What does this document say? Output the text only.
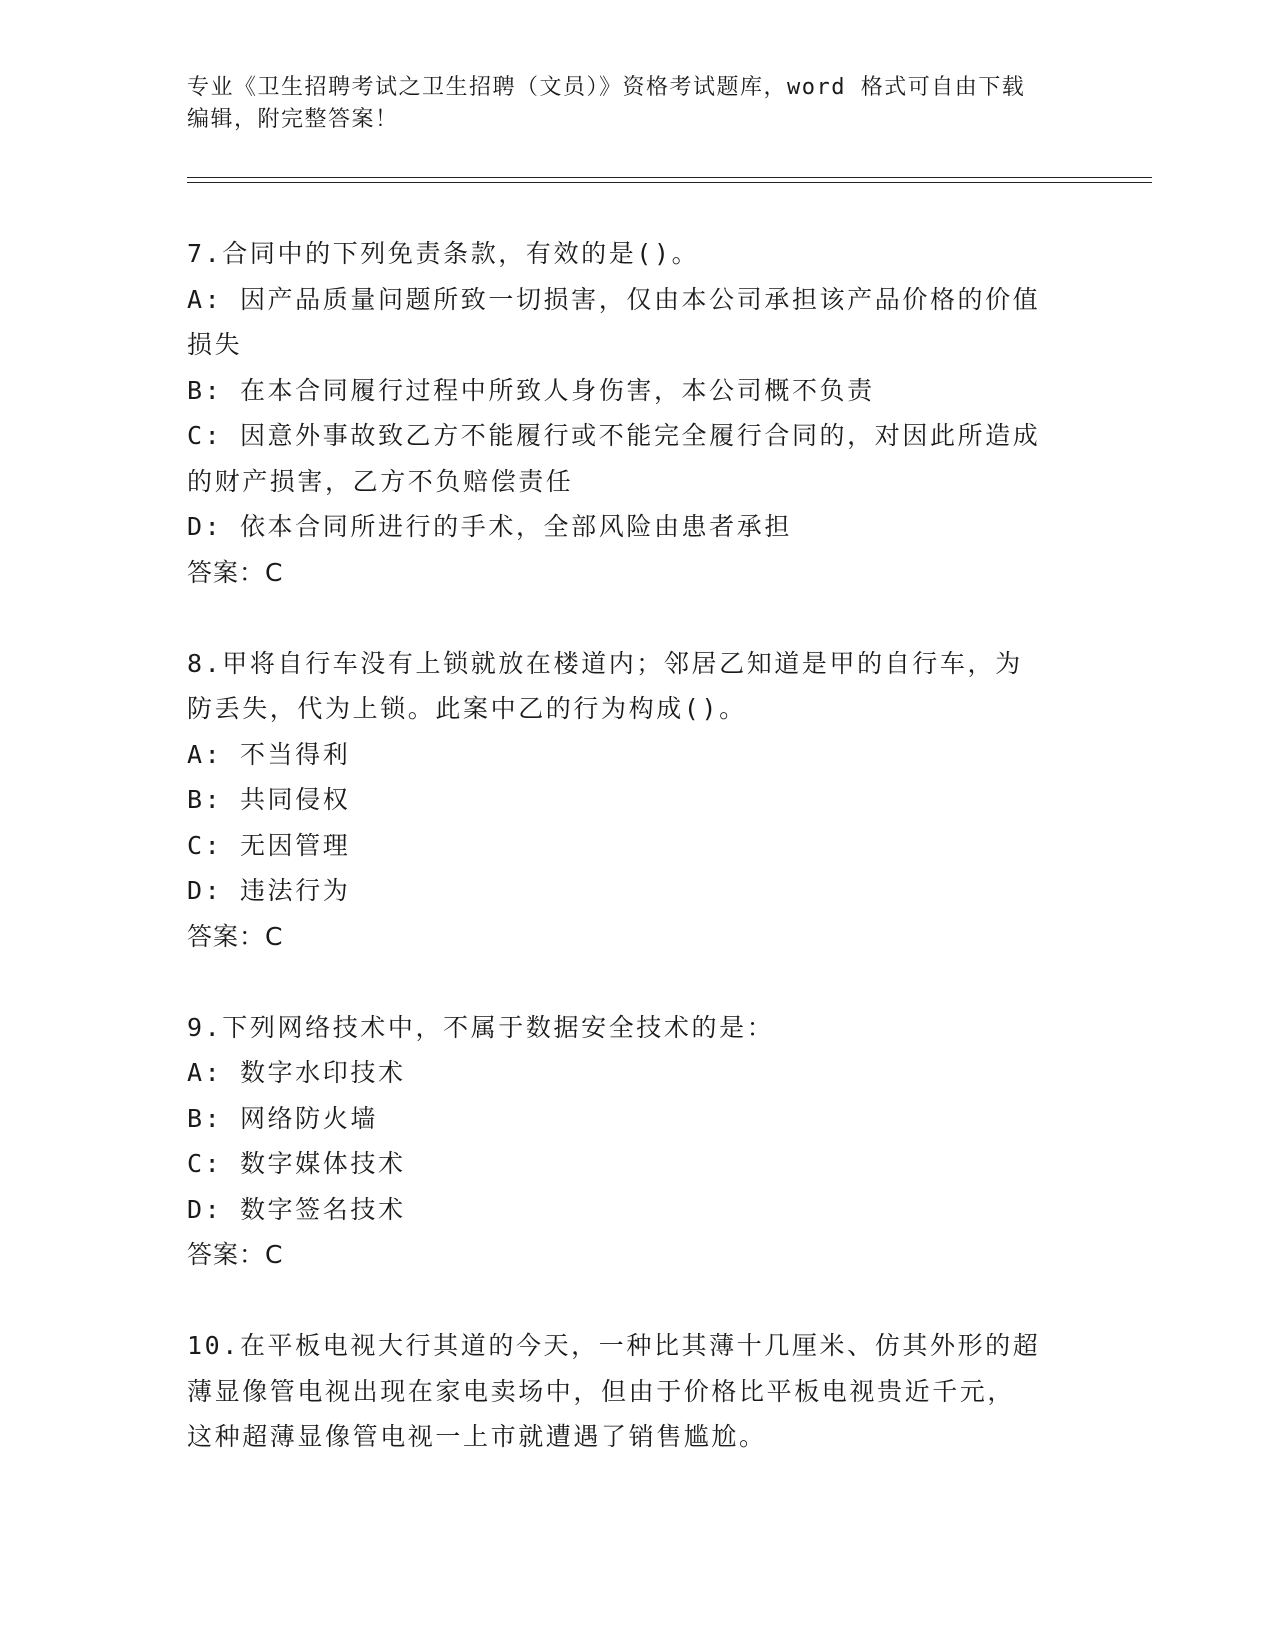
专业《卫生招聘考试之卫生招聘（文员）》资格考试题库，word 格式可自由下载
编辑，附完整答案！
7.合同中的下列免责条款，有效的是()。
A: 因产品质量问题所致一切损害，仅由本公司承担该产品价格的价值
损失
B: 在本合同履行过程中所致人身伤害，本公司概不负责
C: 因意外事故致乙方不能履行或不能完全履行合同的，对因此所造成
的财产损害，乙方不负赔偿责任
D: 依本合同所进行的手术，全部风险由患者承担
答案：C
8.甲将自行车没有上锁就放在楼道内；邻居乙知道是甲的自行车，为
防丢失，代为上锁。此案中乙的行为构成()。
A: 不当得利
B: 共同侵权
C: 无因管理
D: 违法行为
答案：C
9.下列网络技术中，不属于数据安全技术的是：
A: 数字水印技术
B: 网络防火墙
C: 数字媒体技术
D: 数字签名技术
答案：C
10.在平板电视大行其道的今天，一种比其薄十几厘米、仿其外形的超
薄显像管电视出现在家电卖场中，但由于价格比平板电视贵近千元，
这种超薄显像管电视一上市就遭遇了销售尴尬。
